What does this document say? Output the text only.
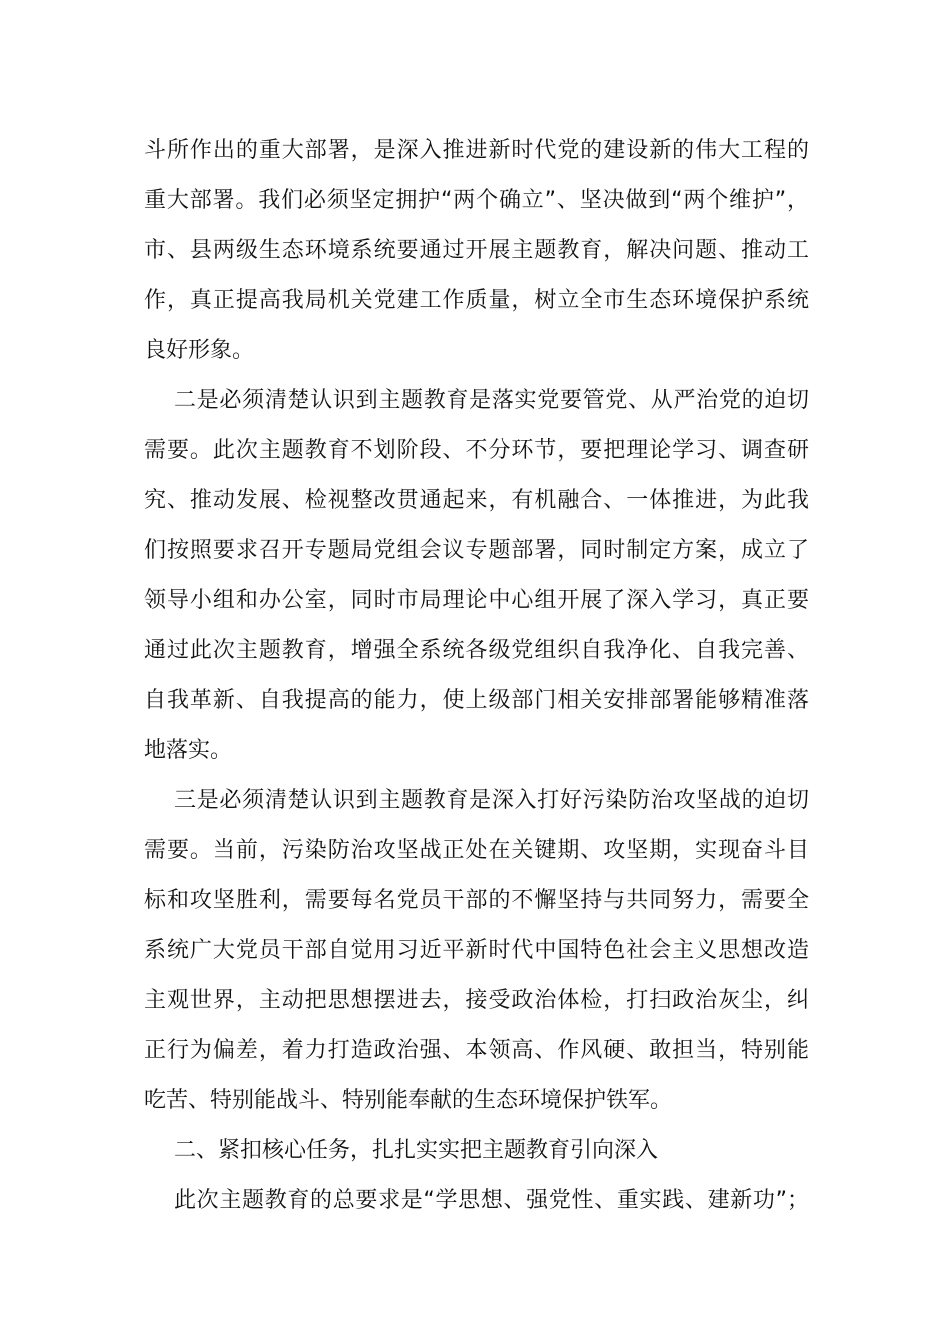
斗所作出的重大部署，是深入推进新时代党的建设新的伟大工程的
重大部署。我们必须坚定拥护“两个确立”、坚决做到“两个维护”，
市、县两级生态环境系统要通过开展主题教育，解决问题、推动工
作，真正提高我局机关党建工作质量，树立全市生态环境保护系统
良好形象。
二是必须清楚认识到主题教育是落实党要管党、从严治党的迫切
需要。此次主题教育不划阶段、不分环节，要把理论学习、调查研
究、推动发展、检视整改贯通起来，有机融合、一体推进，为此我
们按照要求召开专题局党组会议专题部署，同时制定方案，成立了
领导小组和办公室，同时市局理论中心组开展了深入学习，真正要
通过此次主题教育，增强全系统各级党组织自我净化、自我完善、
自我革新、自我提高的能力，使上级部门相关安排部署能够精准落
地落实。
三是必须清楚认识到主题教育是深入打好污染防治攻坚战的迫切
需要。当前，污染防治攻坚战正处在关键期、攻坚期，实现奋斗目
标和攻坚胜利，需要每名党员干部的不懈坚持与共同努力，需要全
系统广大党员干部自觉用习近平新时代中国特色社会主义思想改造
主观世界，主动把思想摆进去，接受政治体检，打扫政治灰尘，纠
正行为偏差，着力打造政治强、本领高、作风硬、敢担当，特别能
吃苦、特别能战斗、特别能奉献的生态环境保护铁军。
二、紧扣核心任务，扎扎实实把主题教育引向深入
此次主题教育的总要求是“学思想、强党性、重实践、建新功”；
